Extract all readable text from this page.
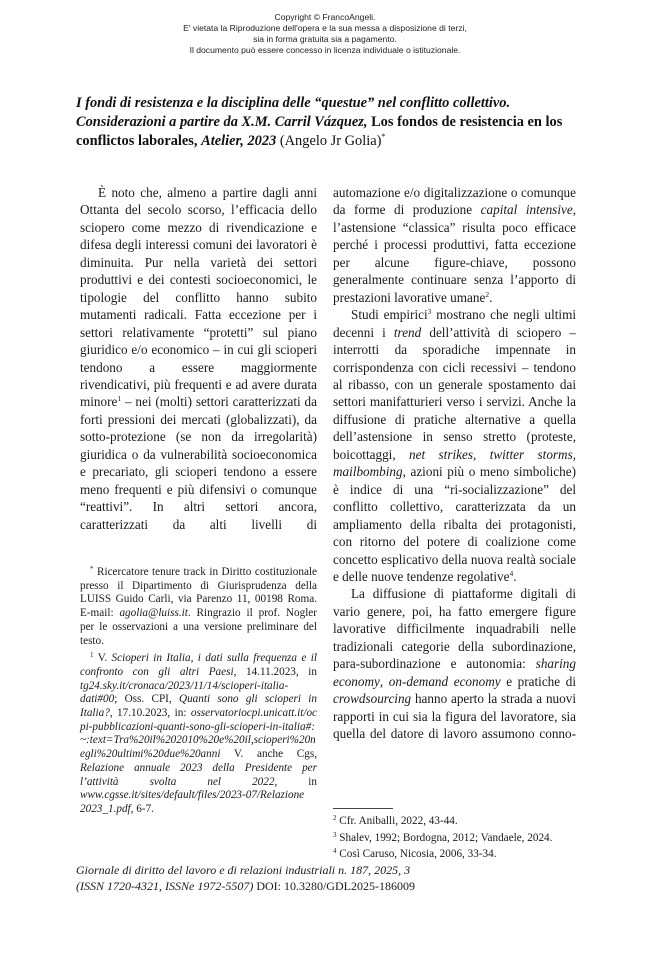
Copyright © FrancoAngeli.
E' vietata la Riproduzione dell'opera e la sua messa a disposizione di terzi,
sia in forma gratuita sia a pagamento.
Il documento può essere concesso in licenza individuale o istituzionale.
I fondi di resistenza e la disciplina delle “questue” nel conflitto collettivo. Considerazioni a partire da X.M. Carril Vázquez, Los fondos de resistencia en los conflictos laborales, Atelier, 2023 (Angelo Jr Golia)*

È noto che, almeno a partire dagli anni Ottanta del secolo scorso, l’efficacia dello sciopero come mezzo di rivendicazione e difesa degli interessi comuni dei lavoratori è diminuita. Pur nella varietà dei settori produttivi e dei contesti socioeconomici, le tipologie del conflitto hanno subito mutamenti radicali. Fatta eccezione per i settori relativamente “protetti” sul piano giuridico e/o economico – in cui gli scioperi tendono a essere maggiormente rivendicativi, più frequenti e ad avere durata minore$^1$ – nei (molti) settori caratterizzati da forti pressioni dei mercati (globalizzati), da sotto-protezione (se non da irregolarità) giuridica o da vulnerabilità socioeconomica e precariato, gli scioperi tendono a essere meno frequenti e più difensivi o comunque “reattivi”. In altri settori ancora, caratterizzati da alti livelli di

automazione e/o digitalizzazione o comunque da forme di produzione capital intensive, l’astensione “classica” risulta poco efficace perché i processi produttivi, fatta eccezione per alcune figure-chiave, possono generalmente continuare senza l’apporto di prestazioni lavorative umane$^2$.

Studi empirici$^3$ mostrano che negli ultimi decenni i trend dell’attività di sciopero – interrotti da sporadiche impennate in corrispondenza con cicli recessivi – tendono al ribasso, con un generale spostamento dai settori manifatturieri verso i servizi. Anche la diffusione di pratiche alternative a quella dell’astensione in senso stretto (proteste, boicottaggi, net strikes, twitter storms, mailbombing, azioni più o meno simboliche) è indice di una “ri-socializzazione” del conflitto collettivo, caratterizzata da un ampliamento della ribalta dei protagonisti, con ritorno del potere di coalizione come concetto esplicativo della nuova realtà sociale e delle nuove tendenze regolative$^4$.

La diffusione di piattaforme digitali di vario genere, poi, ha fatto emergere figure lavorative difficilmente inquadrabili nelle tradizionali categorie della subordinazione, para-subordinazione e autonomia: sharing economy, on-demand economy e pratiche di crowdsourcing hanno aperto la strada a nuovi rapporti in cui sia la figura del lavoratore, sia quella del datore di lavoro assumono conno-

* Ricercatore tenure track in Diritto costituzionale presso il Dipartimento di Giurisprudenza della LUISS Guido Carli, via Parenzo 11, 00198 Roma. E-mail: agolia@luiss.it. Ringrazio il prof. Nogler per le osservazioni a una versione preliminare del testo.

$^1$ V. Scioperi in Italia, i dati sulla frequenza e il confronto con gli altri Paesi, 14.11.2023, in tg24.sky.it/cronaca/2023/11/14/scioperi-italia-dati#00; Oss. CPI, Quanti sono gli scioperi in Italia?, 17.10.2023, in: osservatoriocpi.unicatt.it/ocpi-pubblicazioni-quanti-sono-gli-scioperi-in-italia#:~:text=Tra%20il%202010%20e%20il,scioperi%20negli%20ultimi%20due%20anni V. anche Cgs, Relazione annuale 2023 della Presidente per l’attività svolta nel 2022, in www.cgsse.it/sites/default/files/2023-07/Relazione 2023_1.pdf, 6-7.

$^2$ Cfr. Aniballi, 2022, 43-44.

$^3$ Shalev, 1992; Bordogna, 2012; Vandaele, 2024.

$^4$ Così Caruso, Nicosia, 2006, 33-34.

Giornale di diritto del lavoro e di relazioni industriali n. 187, 2025, 3
(ISSN 1720-4321, ISSNe 1972-5507) DOI: 10.3280/GDL2025-186009
